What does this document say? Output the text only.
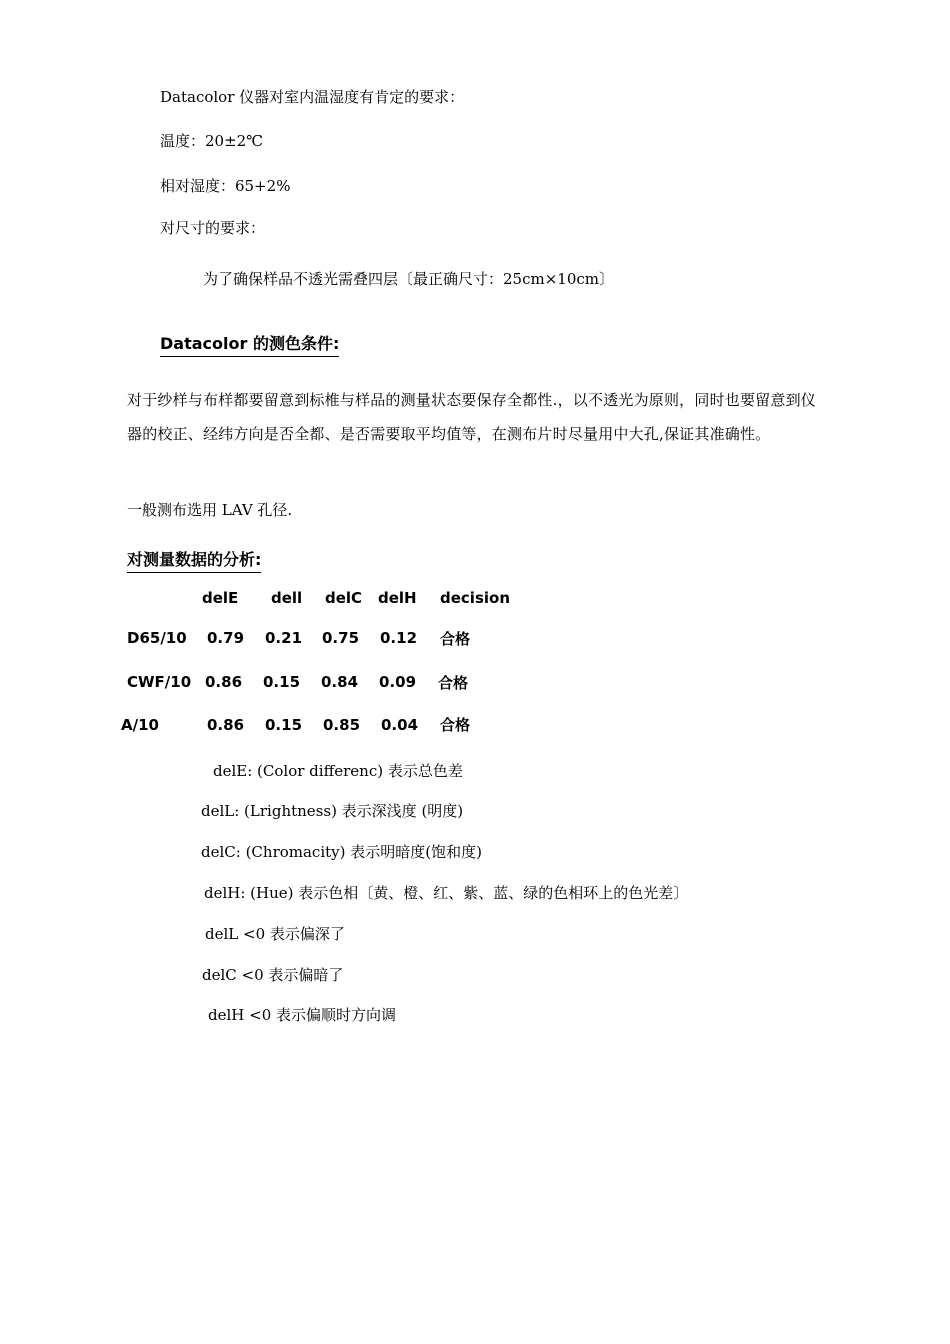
Datacolor 仪器对室内温湿度有肯定的要求：
温度：20±2℃
相对湿度：65+2%
对尺寸的要求：
为了确保样品不透光需叠四层〔最正确尺寸：25cm×10cm〕
Datacolor 的测色条件:
对于纱样与布样都要留意到标椎与样品的测量状态要保存全都性.，以不透光为原则，同时也要留意到仪器的校正、经纬方向是否全都、是否需要取平均值等，在测布片时尽量用中大孔,保证其准确性。
一般测布选用 LAV 孔径.
对测量数据的分析:
delE dell delC delH decision
D65/10 0.79 0.21 0.75 0.12 合格
CWF/10 0.86 0.15 0.84 0.09 合格
A/10	0.86 0.15 0.85 0.04 合格
delE: (Color differenc) 表示总色差
delL: (Lrightness) 表示深浅度 (明度)
delC: (Chromacity) 表示明暗度(饱和度)
delH: (Hue) 表示色相〔黄、橙、红、紫、蓝、绿的色相环上的色光差〕
delL <0 表示偏深了
delC <0 表示偏暗了
delH <0 表示偏顺时方向调
